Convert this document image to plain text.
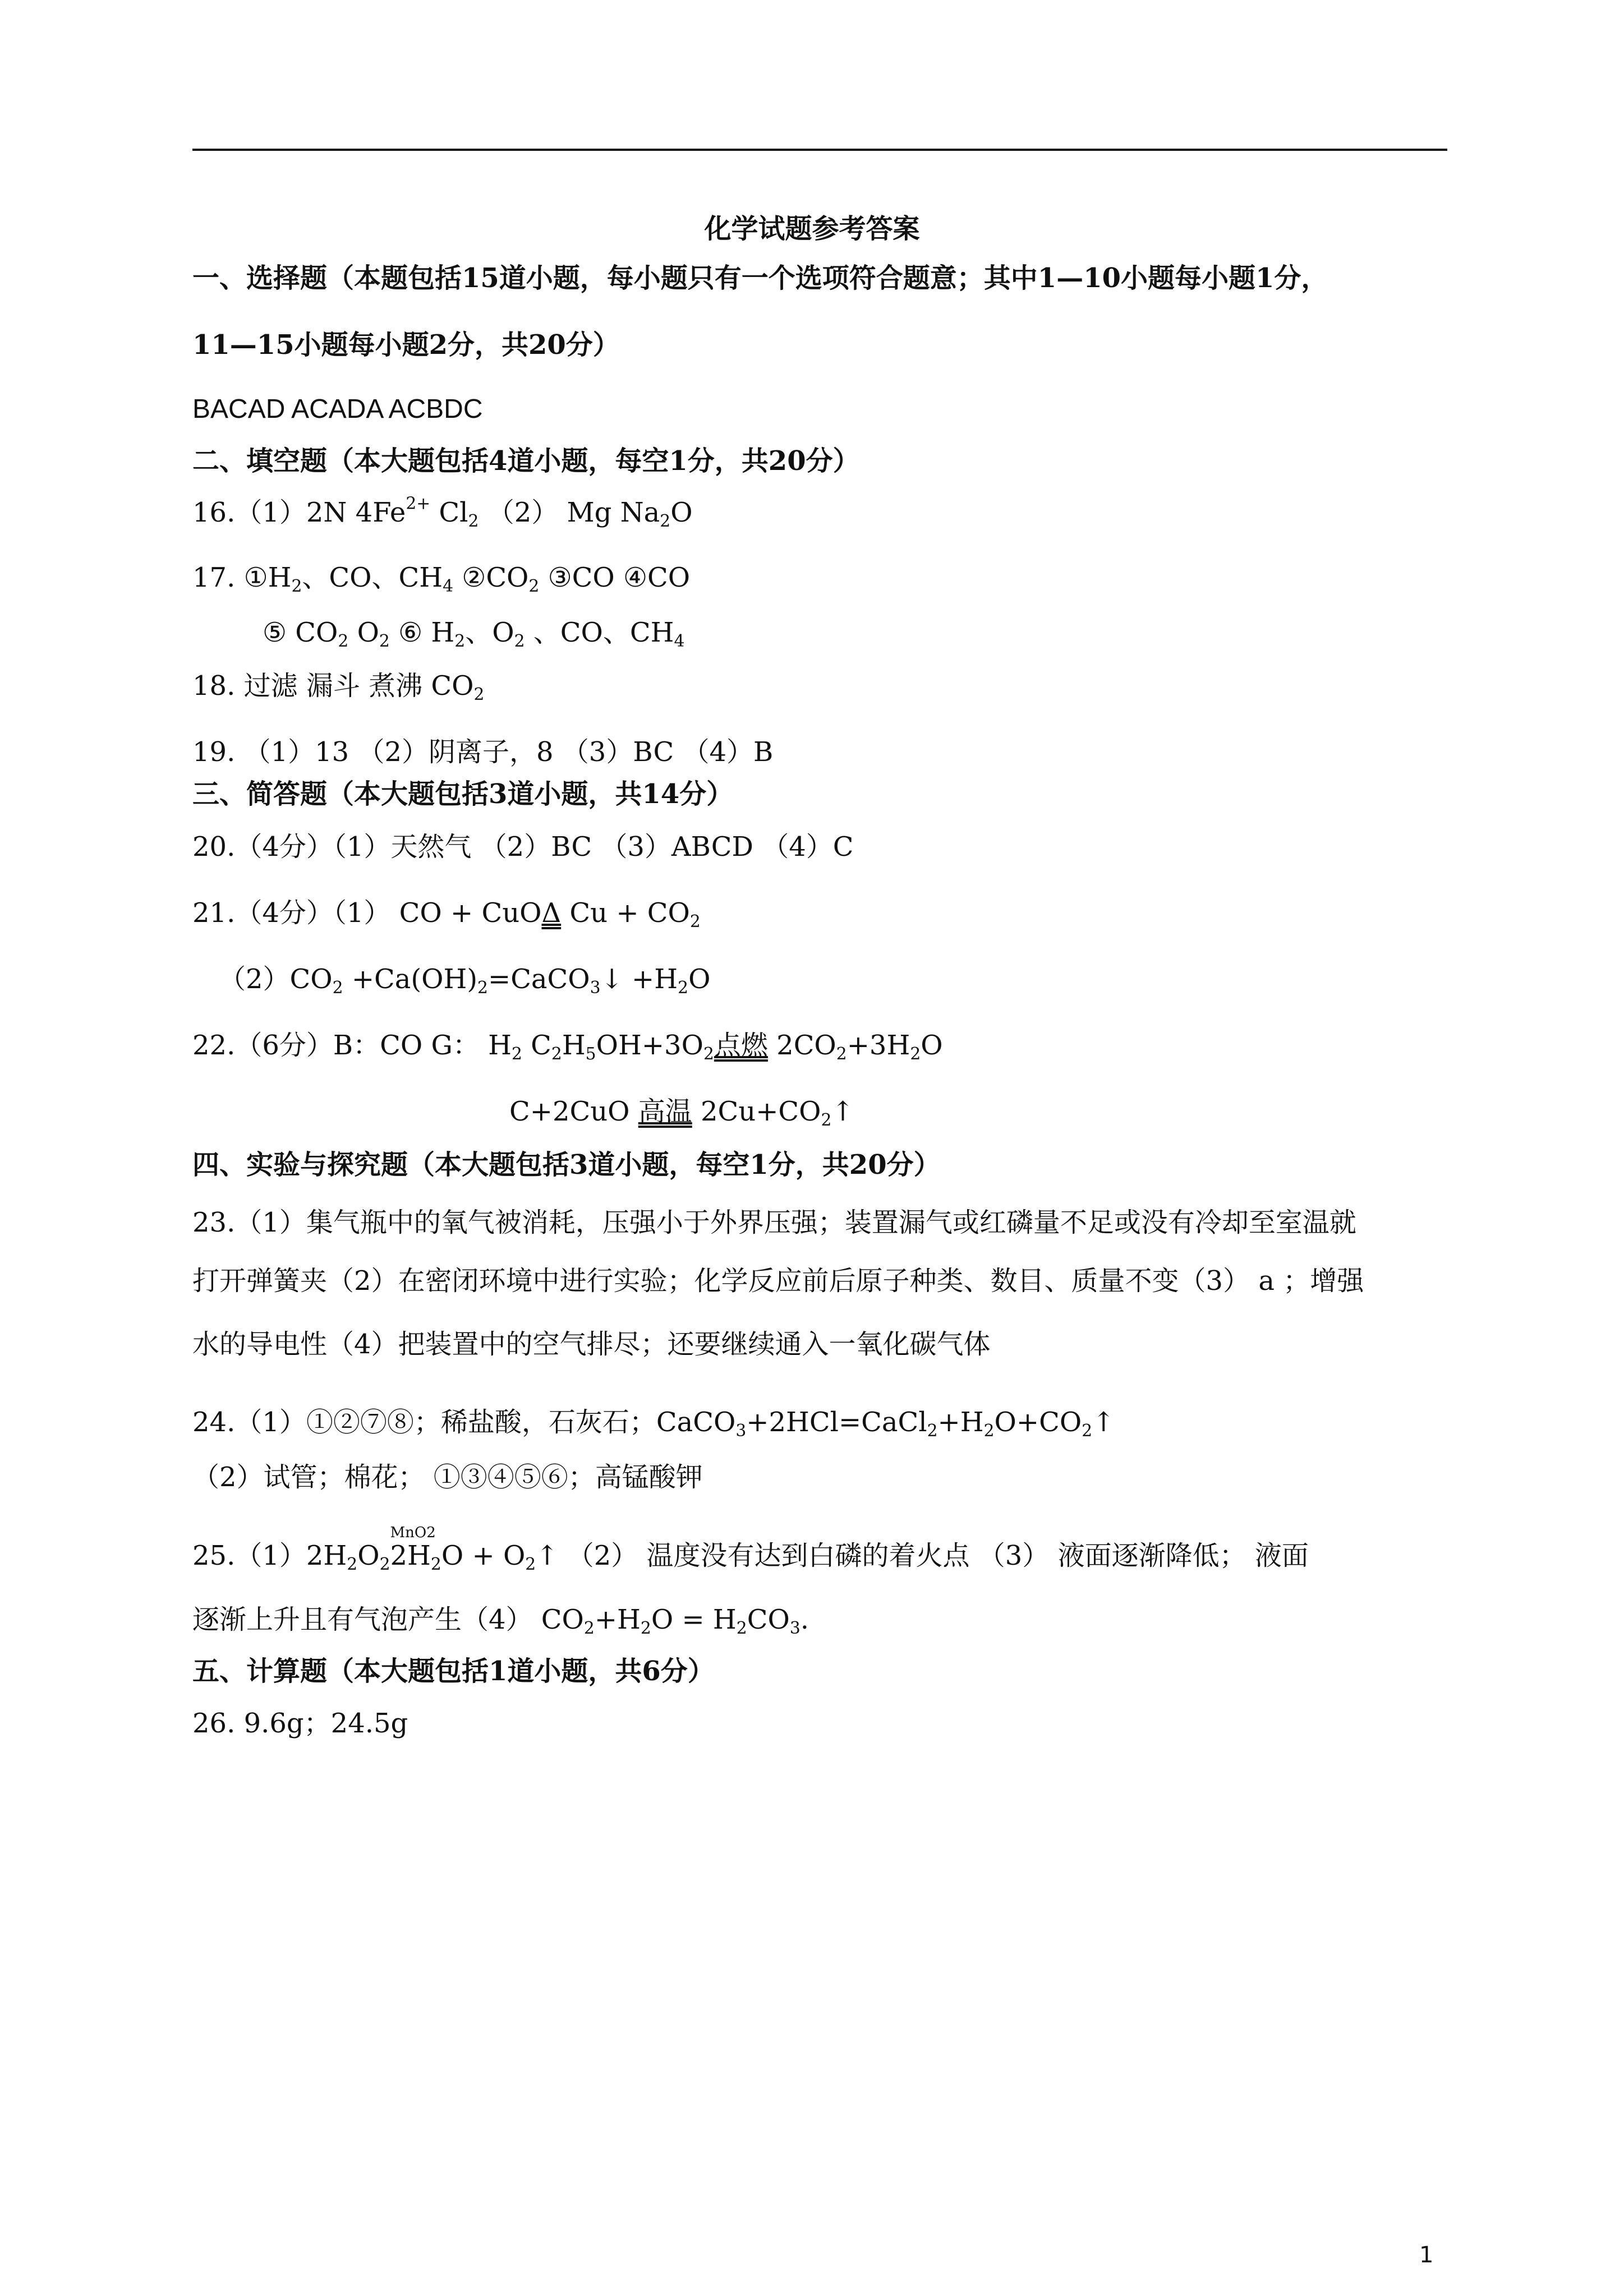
化学试题参考答案
一、选择题（本题包括15道小题，每小题只有一个选项符合题意；其中1—10小题每小题1分，
11—15小题每小题2分，共20分）
BACAD ACADA ACBDC
二、填空题（本大题包括4道小题，每空1分，共20分）
16.（1）2N $4Fe^{2+}$ $Cl_2$ （2） Mg $Na_2O$
17. $①H_2$、CO、$CH_4$ $②CO_2$ ③CO ④CO
⑤ $CO_2$ $O_2$ ⑥ $H_2$、$O_2$ 、CO、$CH_4$
18. 过滤 漏斗 煮沸 $CO_2$
19. （1）13 （2）阴离子，8 （3）BC （4）B
三、简答题（本大题包括3道小题，共14分）
20.（4分）（1）天然气 （2）BC （3）ABCD （4）C
21.（4分）（1） CO + CuOΔ $Cu + CO_2$
$(2)CO_2$ $+Ca(OH)_2=CaCO_3↓ +H_2O$
22.（6分）B：CO G： $H_2$ $C_2H_5OH+3O_2$点燃 $2CO_2+3H_2O$
C+2CuO 高温 $2Cu+CO_2↑$
四、实验与探究题（本大题包括3道小题，每空1分，共20分）
23.（1）集气瓶中的氧气被消耗，压强小于外界压强；装置漏气或红磷量不足或没有冷却至室温就
打开弹簧夹（2）在密闭环境中进行实验；化学反应前后原子种类、数目、质量不变（3） a ；增强
水的导电性（4）把装置中的空气排尽；还要继续通入一氧化碳气体
24.（1）①②⑦⑧；稀盐酸，石灰石；$CaCO_3+2HCl=CaCl_2+H_2O+CO_2↑$
（2）试管；棉花； ①③④⑤⑥；高锰酸钾
$25.(1)2H_2O_2$
MnO2
$2H_2O$ + $O_2↑$ （2） 温度没有达到白磷的着火点 （3） 液面逐渐降低； 液面
逐渐上升且有气泡产生（4） $CO_2+H_2O = H_2CO_3$.
五、计算题（本大题包括1道小题，共6分）
26. 9.6g；24.5g
1
